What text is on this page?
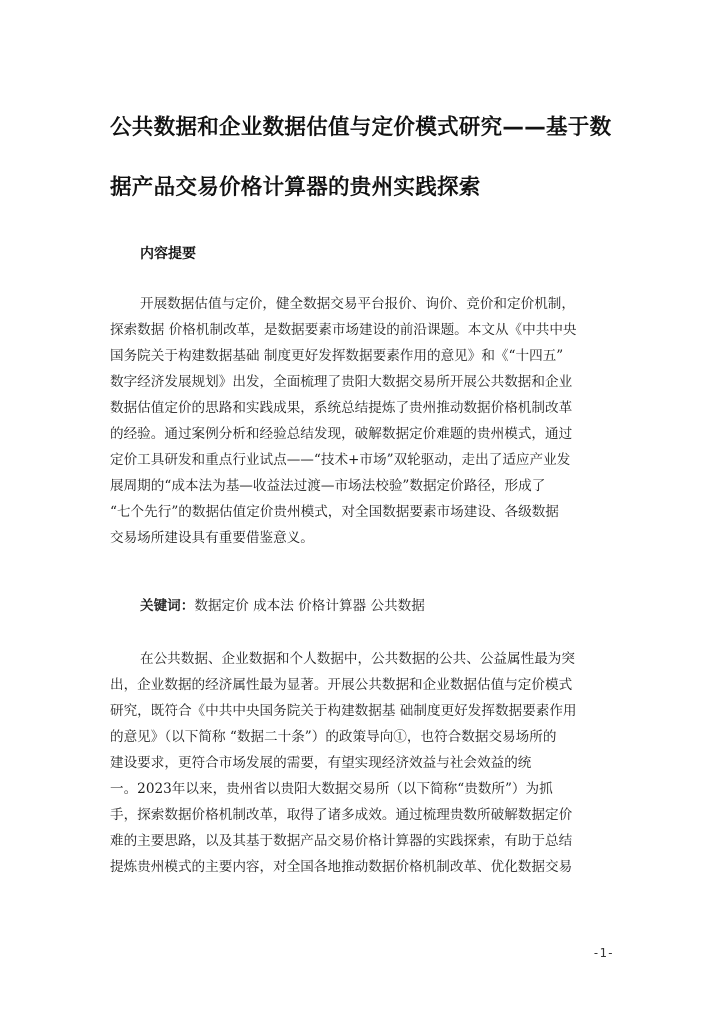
公共数据和企业数据估值与定价模式研究——基于数
据产品交易价格计算器的贵州实践探索
内容提要
开展数据估值与定价，健全数据交易平台报价、询价、竞价和定价机制，
探索数据 价格机制改革，是数据要素市场建设的前沿课题。本文从《中共中央
国务院关于构建数据基础 制度更好发挥数据要素作用的意见》和《“十四五”
数字经济发展规划》出发，全面梳理了贵阳大数据交易所开展公共数据和企业
数据估值定价的思路和实践成果，系统总结提炼了贵州推动数据价格机制改革
的经验。通过案例分析和经验总结发现，破解数据定价难题的贵州模式，通过
定价工具研发和重点行业试点——“技术+市场”双轮驱动，走出了适应产业发
展周期的“成本法为基—收益法过渡—市场法校验”数据定价路径，形成了
“七个先行”的数据估值定价贵州模式，对全国数据要素市场建设、各级数据
交易场所建设具有重要借鉴意义。
关键词：数据定价 成本法 价格计算器 公共数据
在公共数据、企业数据和个人数据中，公共数据的公共、公益属性最为突
出，企业数据的经济属性最为显著。开展公共数据和企业数据估值与定价模式
研究，既符合《中共中央国务院关于构建数据基 础制度更好发挥数据要素作用
的意见》（以下简称 “数据二十条”）的政策导向①，也符合数据交易场所的
建设要求，更符合市场发展的需要，有望实现经济效益与社会效益的统
一。2023年以来，贵州省以贵阳大数据交易所（以下简称“贵数所”）为抓
手，探索数据价格机制改革，取得了诸多成效。通过梳理贵数所破解数据定价
难的主要思路，以及其基于数据产品交易价格计算器的实践探索，有助于总结
提炼贵州模式的主要内容，对全国各地推动数据价格机制改革、优化数据交易
-1-
